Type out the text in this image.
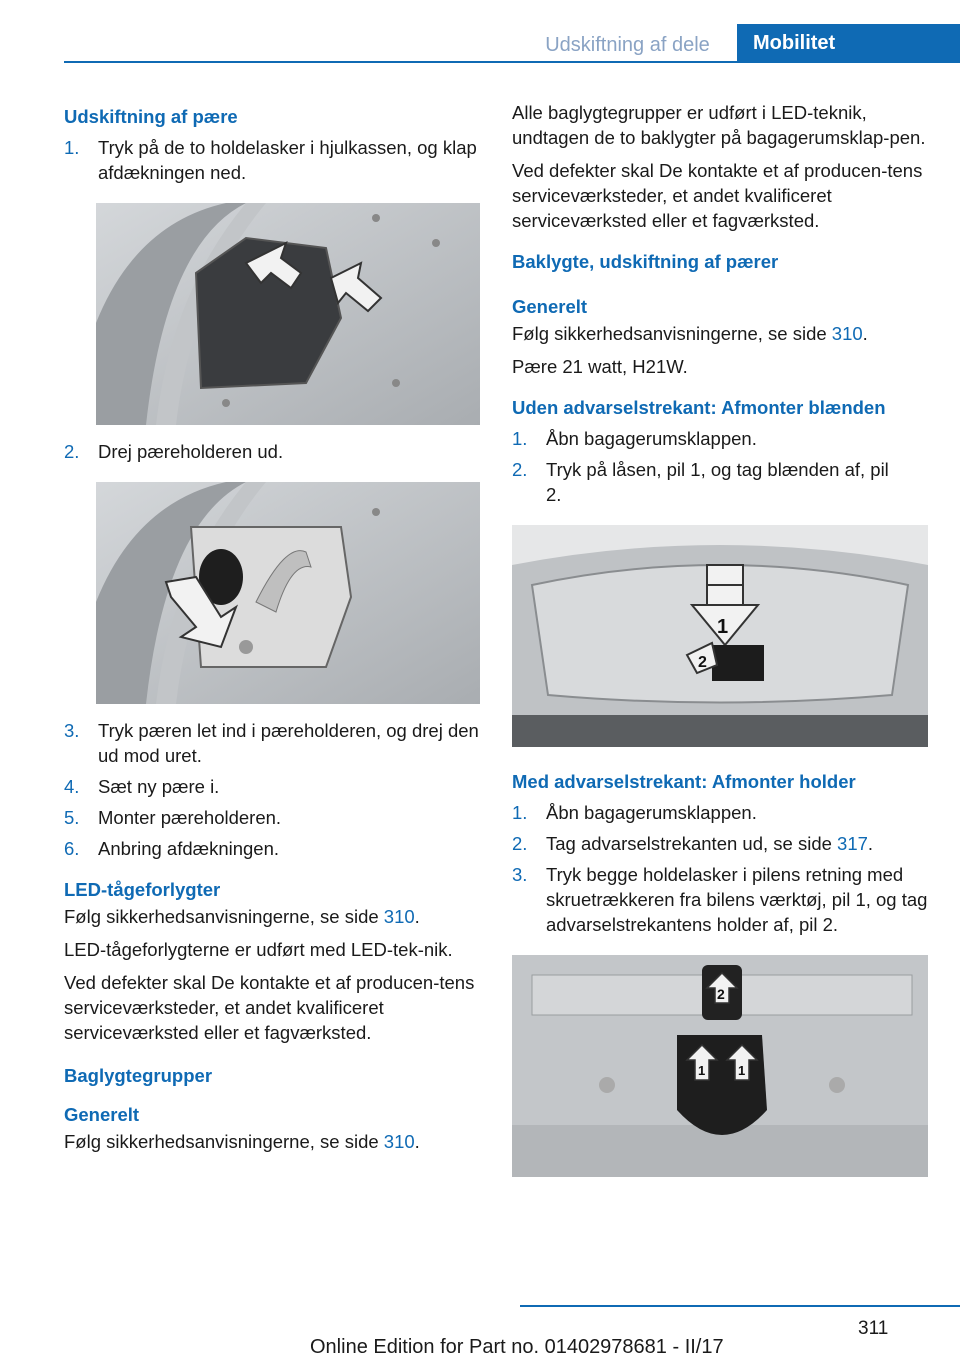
Udskiftning af dele	Mobilitet

Udskiftning af pære

1.	Tryk på de to holdelasker i hjulkassen, og klap afdækningen ned.
2.	Drej pæreholderen ud.
3.	Tryk pæren let ind i pæreholderen, og drej den ud mod uret.
4.	Sæt ny pære i.
5.	Monter pæreholderen.
6.	Anbring afdækningen.

LED-tågeforlygter

Følg sikkerhedsanvisningerne, se side 310.

LED-tågeforlygterne er udført med LED-tek‐nik.

Ved defekter skal De kontakte et af producen‐tens serviceværksteder, et andet kvalificeret serviceværksted eller et fagværksted.

Baglygtegrupper

Generelt

Følg sikkerhedsanvisningerne, se side 310.

Alle baglygtegrupper er udført i LED-teknik, undtagen de to baklygter på bagagerumsklap‐pen.

Ved defekter skal De kontakte et af producen‐tens serviceværksteder, et andet kvalificeret serviceværksted eller et fagværksted.

Baklygte, udskiftning af pærer

Generelt

Følg sikkerhedsanvisningerne, se side 310.

Pære 21 watt, H21W.

Uden advarselstrekant: Afmonter blænden

1.	Åbn bagagerumsklappen.
2.	Tryk på låsen, pil 1, og tag blænden af, pil 2.
1
2

Med advarselstrekant: Afmonter holder

1.	Åbn bagagerumsklappen.
2.	Tag advarselstrekanten ud, se side 317.
3.	Tryk begge holdelasker i pilens retning med skruetrækkeren fra bilens værktøj, pil 1, og tag advarselstrekantens holder af, pil 2.
2
1	1
311
Online Edition for Part no. 01402978681 - II/17
